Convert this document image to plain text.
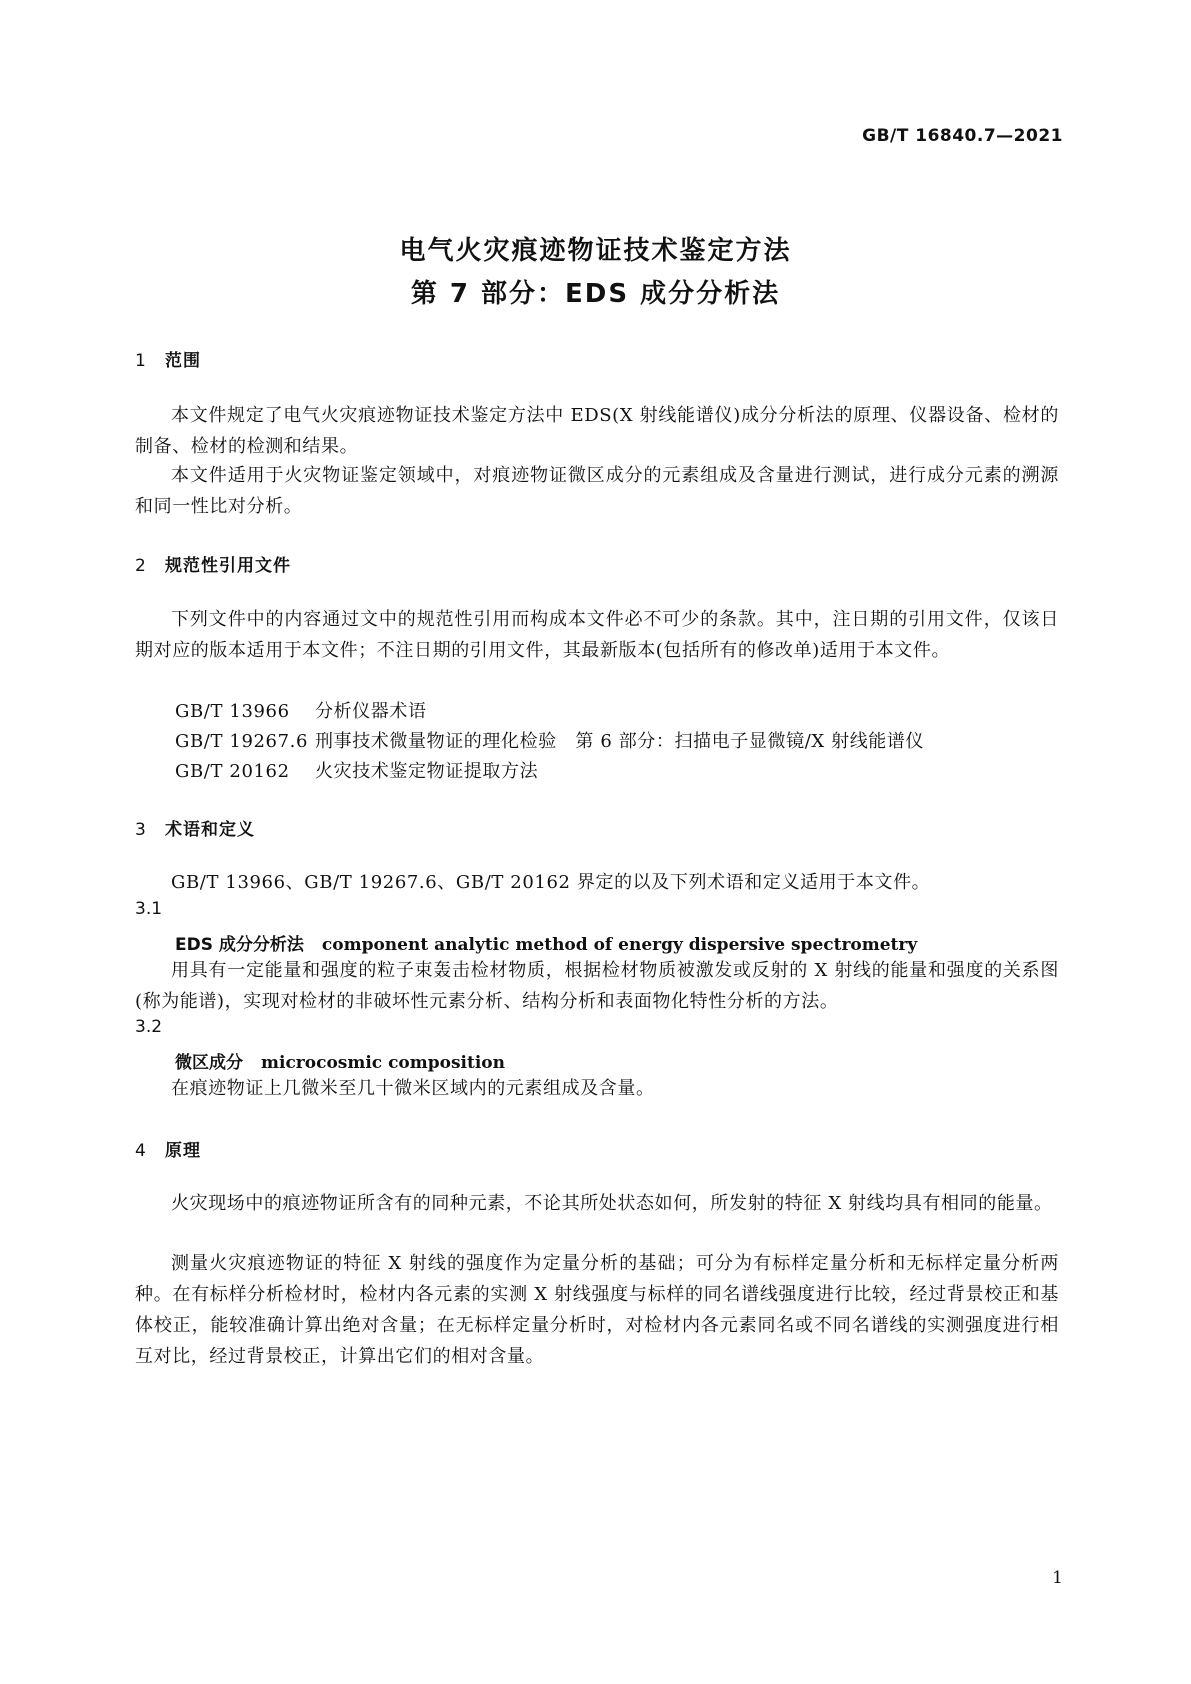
GB/T 16840.7—2021
电气火灾痕迹物证技术鉴定方法
第 7 部分：EDS 成分分析法
1 范围

本文件规定了电气火灾痕迹物证技术鉴定方法中 EDS(X 射线能谱仪)成分分析法的原理、仪器设备、检材的制备、检材的检测和结果。

本文件适用于火灾物证鉴定领域中，对痕迹物证微区成分的元素组成及含量进行测试，进行成分元素的溯源和同一性比对分析。

2 规范性引用文件

下列文件中的内容通过文中的规范性引用而构成本文件必不可少的条款。其中，注日期的引用文件，仅该日期对应的版本适用于本文件；不注日期的引用文件，其最新版本(包括所有的修改单)适用于本文件。

GB/T 13966 分析仪器术语
GB/T 19267.6 刑事技术微量物证的理化检验　第 6 部分：扫描电子显微镜/X 射线能谱仪
GB/T 20162 火灾技术鉴定物证提取方法
3 术语和定义

GB/T 13966、GB/T 19267.6、GB/T 20162 界定的以及下列术语和定义适用于本文件。

3.1
EDS 成分分析法 component analytic method of energy dispersive spectrometry

用具有一定能量和强度的粒子束轰击检材物质，根据检材物质被激发或反射的 X 射线的能量和强度的关系图(称为能谱)，实现对检材的非破坏性元素分析、结构分析和表面物化特性分析的方法。

3.2
微区成分 microcosmic composition

在痕迹物证上几微米至几十微米区域内的元素组成及含量。

4 原理

火灾现场中的痕迹物证所含有的同种元素，不论其所处状态如何，所发射的特征 X 射线均具有相同的能量。

测量火灾痕迹物证的特征 X 射线的强度作为定量分析的基础；可分为有标样定量分析和无标样定量分析两种。在有标样分析检材时，检材内各元素的实测 X 射线强度与标样的同名谱线强度进行比较，经过背景校正和基体校正，能较准确计算出绝对含量；在无标样定量分析时，对检材内各元素同名或不同名谱线的实测强度进行相互对比，经过背景校正，计算出它们的相对含量。

1
